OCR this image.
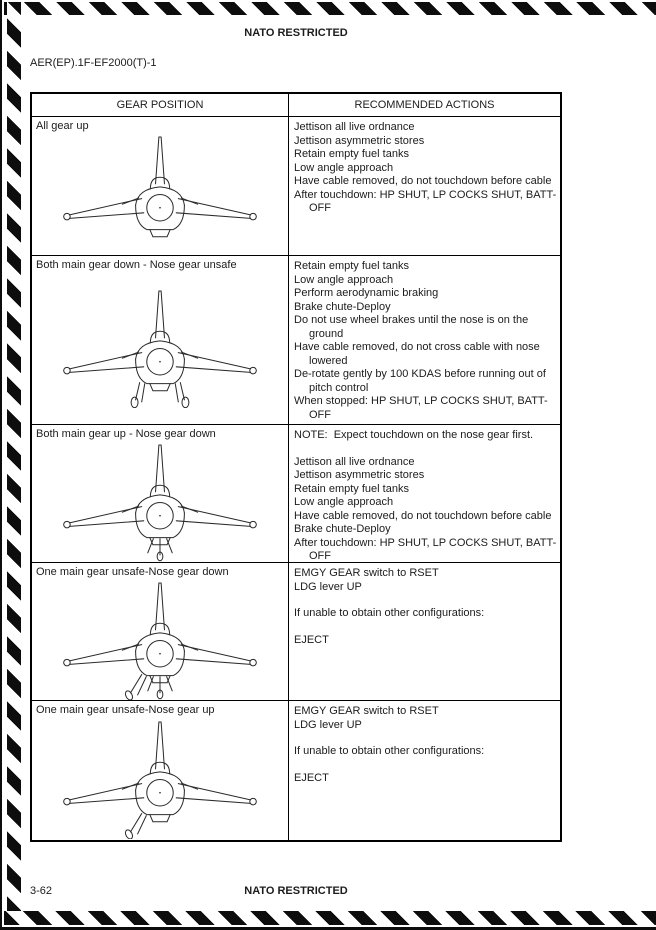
NATO RESTRICTED
AER(EP).1F-EF2000(T)-1
GEAR POSITION	RECOMMENDED ACTIONS
All gear up	Jettison all live ordnance
Jettison asymmetric stores
Retain empty fuel tanks
Low angle approach
Have cable removed, do not touchdown before cable
After touchdown: HP SHUT, LP COCKS SHUT, BATT-OFF
Both main gear down - Nose gear unsafe	Retain empty fuel tanks
Low angle approach
Perform aerodynamic braking
Brake chute-Deploy
Do not use wheel brakes until the nose is on the ground
Have cable removed, do not cross cable with nose lowered
De-rotate gently by 100 KDAS before running out of pitch control
When stopped: HP SHUT, LP COCKS SHUT, BATT-OFF
Both main gear up - Nose gear down	NOTE:  Expect touchdown on the nose gear first.
Jettison all live ordnance
Jettison asymmetric stores
Retain empty fuel tanks
Low angle approach
Have cable removed, do not touchdown before cable
Brake chute-Deploy
After touchdown: HP SHUT, LP COCKS SHUT, BATT-OFF
One main gear unsafe-Nose gear down	EMGY GEAR switch to RSET
LDG lever UP
If unable to obtain other configurations:
EJECT
One main gear unsafe-Nose gear up	EMGY GEAR switch to RSET
LDG lever UP
If unable to obtain other configurations:
EJECT
3-62	NATO RESTRICTED
